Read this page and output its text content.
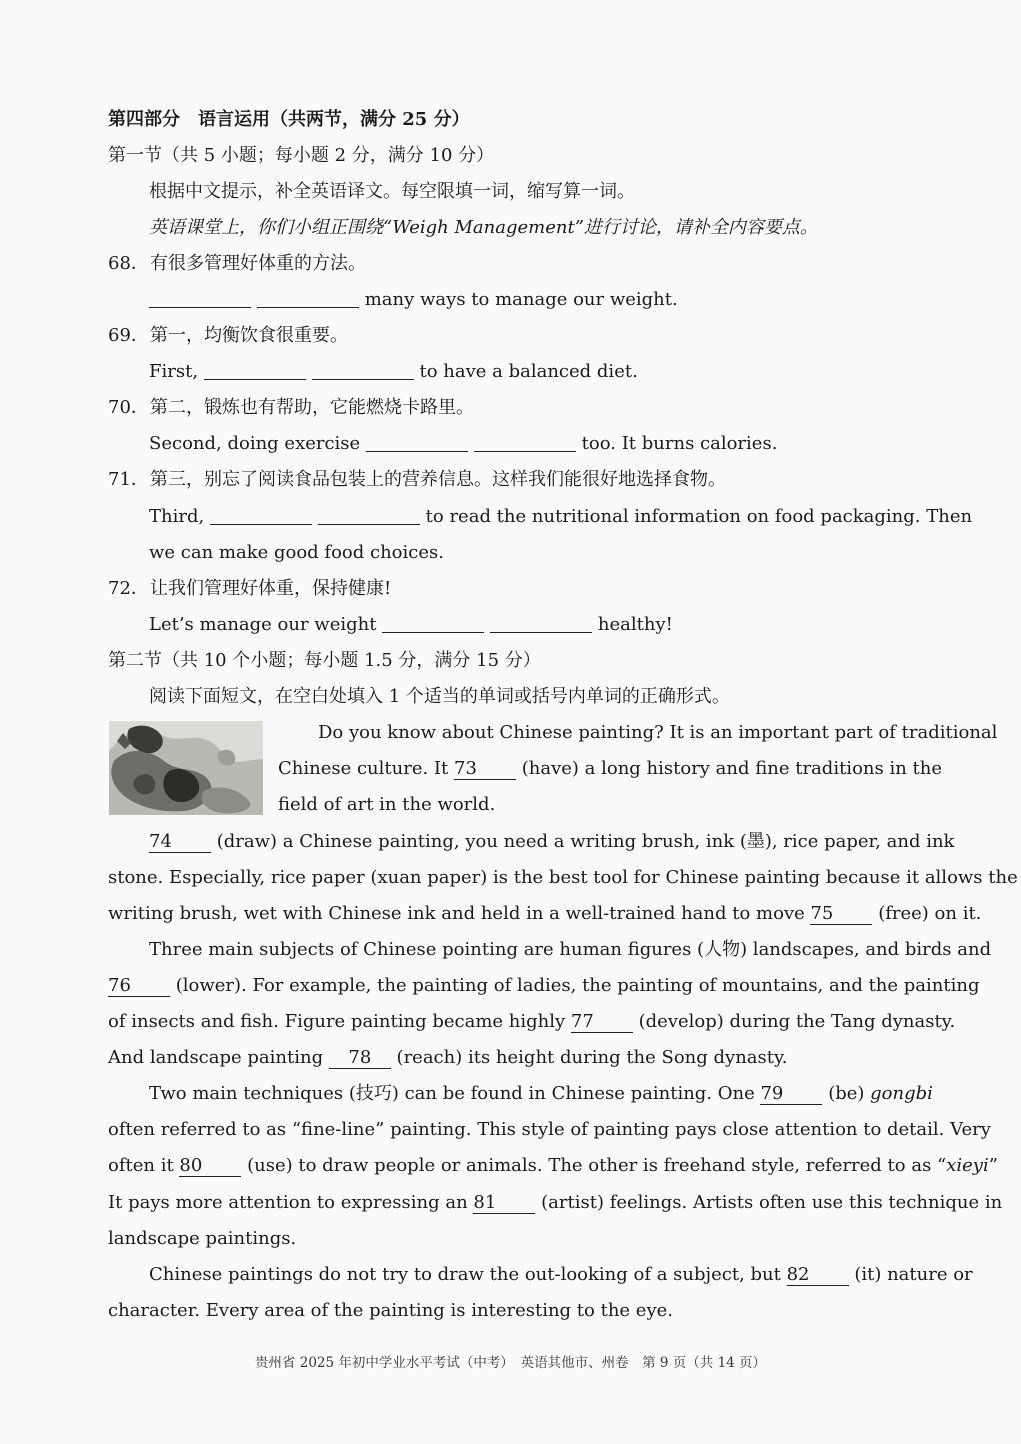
第四部分　语言运用（共两节，满分 25 分）
第一节（共 5 小题；每小题 2 分，满分 10 分）
根据中文提示，补全英语译文。每空限填一词，缩写算一词。
英语课堂上，你们小组正围绕“Weigh Management”进行讨论，请补全内容要点。
68．有很多管理好体重的方法。
many ways to manage our weight.
69．第一，均衡饮食很重要。
First,	to have a balanced diet.
70．第二，锻炼也有帮助，它能燃烧卡路里。
Second, doing exercise	too. It burns calories.
71．第三，别忘了阅读食品包装上的营养信息。这样我们能很好地选择食物。
Third,	to read the nutritional information on food packaging. Then
we can make good food choices.
72．让我们管理好体重，保持健康!
Let’s manage our weight	healthy!
第二节（共 10 个小题；每小题 1.5 分，满分 15 分）
阅读下面短文，在空白处填入 1 个适当的单词或括号内单词的正确形式。
Do you know about Chinese painting? It is an important part of traditional
Chinese culture. It 73 (have) a long history and fine traditions in the
field of art in the world.
74 (draw) a Chinese painting, you need a writing brush, ink (墨), rice paper, and ink
stone. Especially, rice paper (xuan paper) is the best tool for Chinese painting because it allows the
writing brush, wet with Chinese ink and held in a well-trained hand to move 75 (free) on it.
Three main subjects of Chinese pointing are human figures (人物) landscapes, and birds and
76 (lower). For example, the painting of ladies, the painting of mountains, and the painting
of insects and fish. Figure painting became highly 77 (develop) during the Tang dynasty.
And landscape painting 78 (reach) its height during the Song dynasty.
Two main techniques (技巧) can be found in Chinese painting. One 79 (be) gongbi
often referred to as “fine-line” painting. This style of painting pays close attention to detail. Very
often it 80 (use) to draw people or animals. The other is freehand style, referred to as “xieyi”
It pays more attention to expressing an 81 (artist) feelings. Artists often use this technique in
landscape paintings.
Chinese paintings do not try to draw the out-looking of a subject, but 82 (it) nature or
character. Every area of the painting is interesting to the eye.
贵州省 2025 年初中学业水平考试（中考）　英语其他市、州卷　第 9 页（共 14 页）
